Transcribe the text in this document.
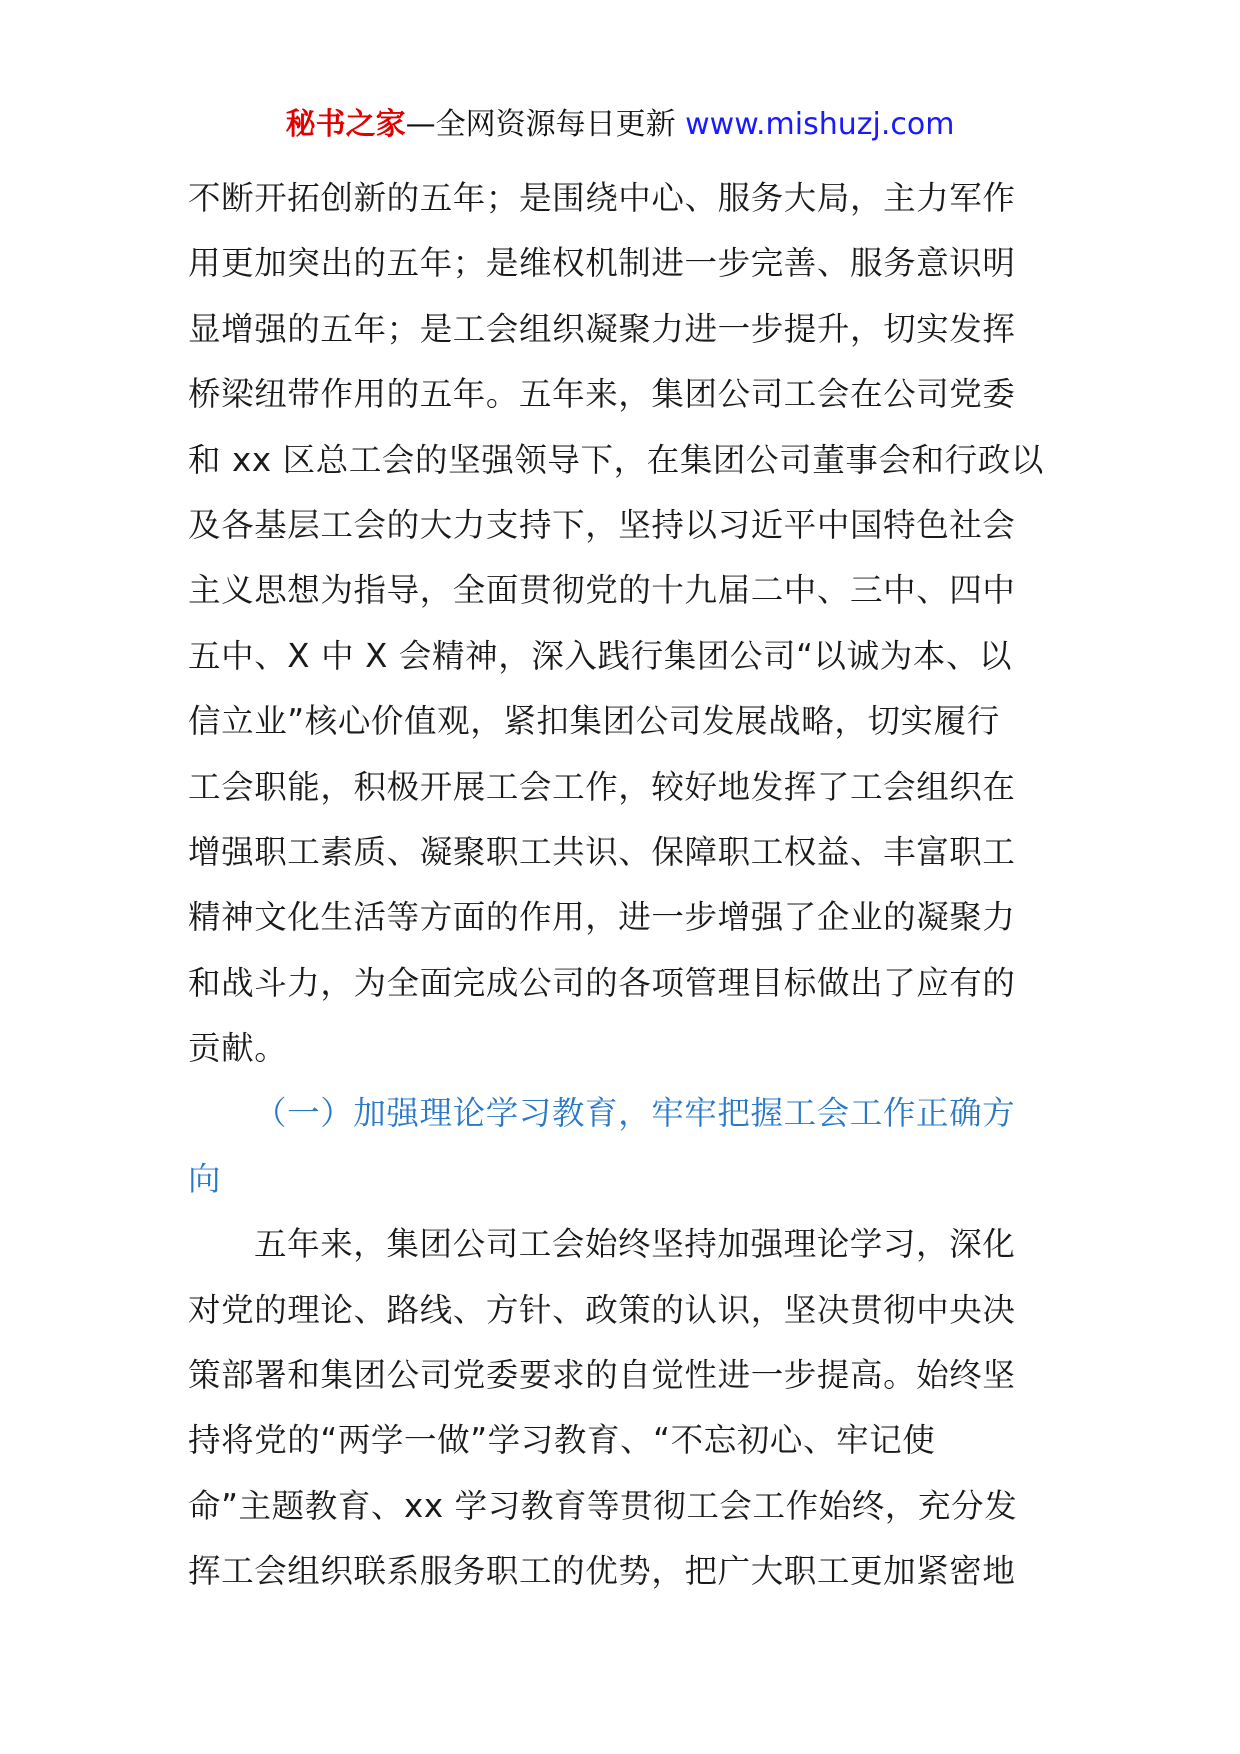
秘书之家—全网资源每日更新 www.mishuzj.com
不断开拓创新的五年；是围绕中心、服务大局，主力军作
用更加突出的五年；是维权机制进一步完善、服务意识明
显增强的五年；是工会组织凝聚力进一步提升，切实发挥
桥梁纽带作用的五年。五年来，集团公司工会在公司党委
和 xx 区总工会的坚强领导下，在集团公司董事会和行政以
及各基层工会的大力支持下，坚持以习近平中国特色社会
主义思想为指导，全面贯彻党的十九届二中、三中、四中
五中、X 中 X 会精神，深入践行集团公司“以诚为本、以
信立业”核心价值观，紧扣集团公司发展战略，切实履行
工会职能，积极开展工会工作，较好地发挥了工会组织在
增强职工素质、凝聚职工共识、保障职工权益、丰富职工
精神文化生活等方面的作用，进一步增强了企业的凝聚力
和战斗力，为全面完成公司的各项管理目标做出了应有的
贡献。
（一）加强理论学习教育，牢牢把握工会工作正确方
向
五年来，集团公司工会始终坚持加强理论学习，深化
对党的理论、路线、方针、政策的认识，坚决贯彻中央决
策部署和集团公司党委要求的自觉性进一步提高。始终坚
持将党的“两学一做”学习教育、“不忘初心、牢记使
命”主题教育、xx 学习教育等贯彻工会工作始终，充分发
挥工会组织联系服务职工的优势，把广大职工更加紧密地
